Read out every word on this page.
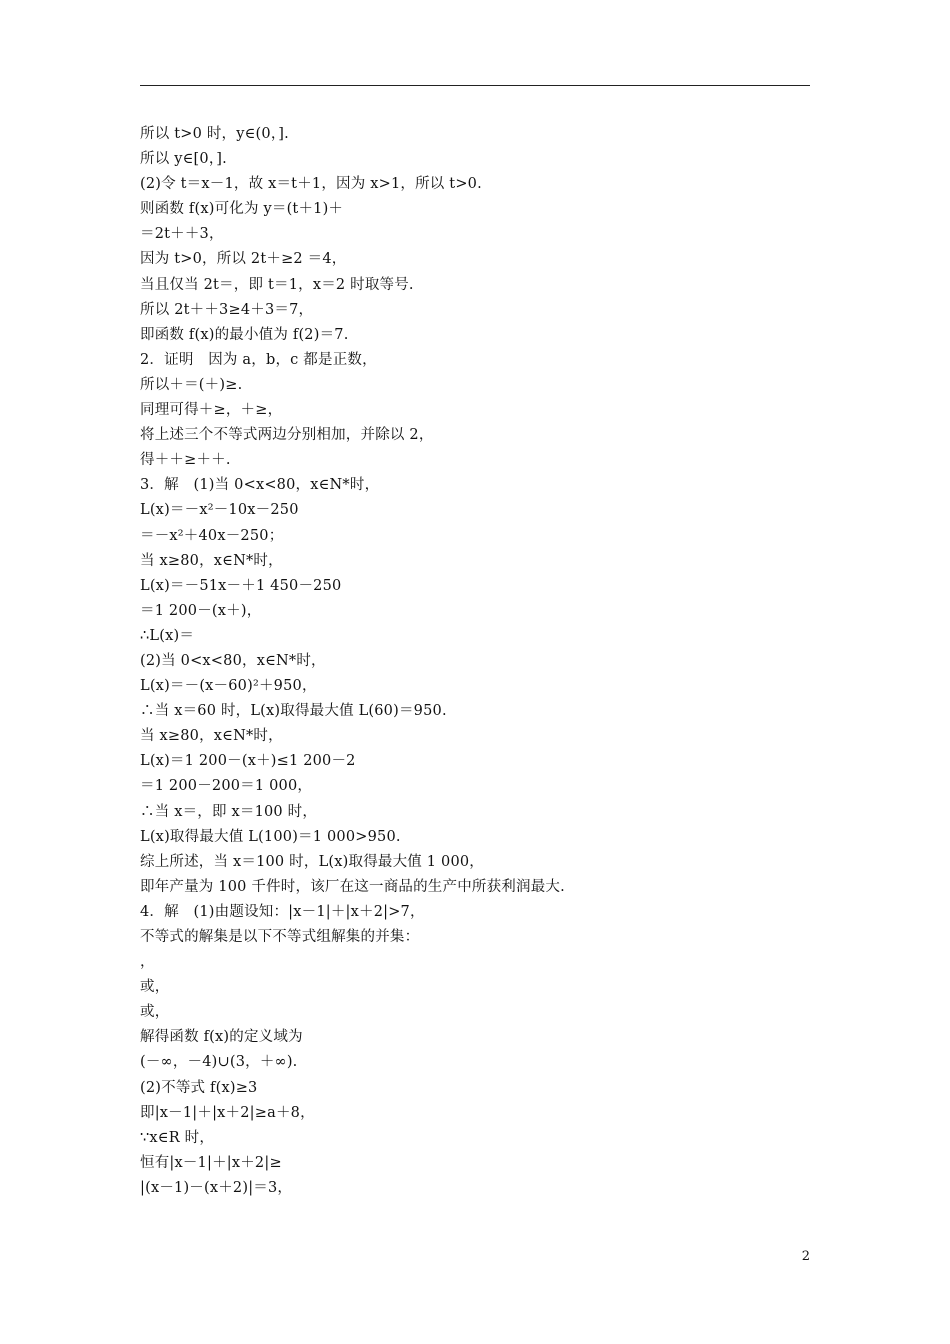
所以 t>0 时，y∈(0，].
所以 y∈[0，].
(2)令 t＝x－1，故 x＝t＋1，因为 x>1，所以 t>0.
则函数 f(x)可化为 y＝(t＋1)＋
＝2t＋＋3，
因为 t>0，所以 2t＋≥2 ＝4，
当且仅当 2t＝，即 t＝1，x＝2 时取等号.
所以 2t＋＋3≥4＋3＝7，
即函数 f(x)的最小值为 f(2)＝7.
2．证明　因为 a，b，c 都是正数，
所以＋＝(＋)≥.
同理可得＋≥，＋≥，
将上述三个不等式两边分别相加，并除以 2，
得＋＋≥＋＋.
3．解　(1)当 0<x<80，x∈N*时，
L(x)＝－x²－10x－250
＝－x²＋40x－250；
当 x≥80，x∈N*时，
L(x)＝－51x－＋1 450－250
＝1 200－(x＋)，
∴L(x)＝
(2)当 0<x<80，x∈N*时，
L(x)＝－(x－60)²＋950，
∴当 x＝60 时，L(x)取得最大值 L(60)＝950.
当 x≥80，x∈N*时，
L(x)＝1 200－(x＋)≤1 200－2
＝1 200－200＝1 000，
∴当 x＝，即 x＝100 时，
L(x)取得最大值 L(100)＝1 000>950.
综上所述，当 x＝100 时，L(x)取得最大值 1 000，
即年产量为 100 千件时，该厂在这一商品的生产中所获利润最大.
4．解　(1)由题设知：|x－1|＋|x＋2|>7，
不等式的解集是以下不等式组解集的并集：
，
或，
或，
解得函数 f(x)的定义域为
(－∞，－4)∪(3，＋∞).
(2)不等式 f(x)≥3
即|x－1|＋|x＋2|≥a＋8，
∵x∈R 时，
恒有|x－1|＋|x＋2|≥
|(x－1)－(x＋2)|＝3，
2
